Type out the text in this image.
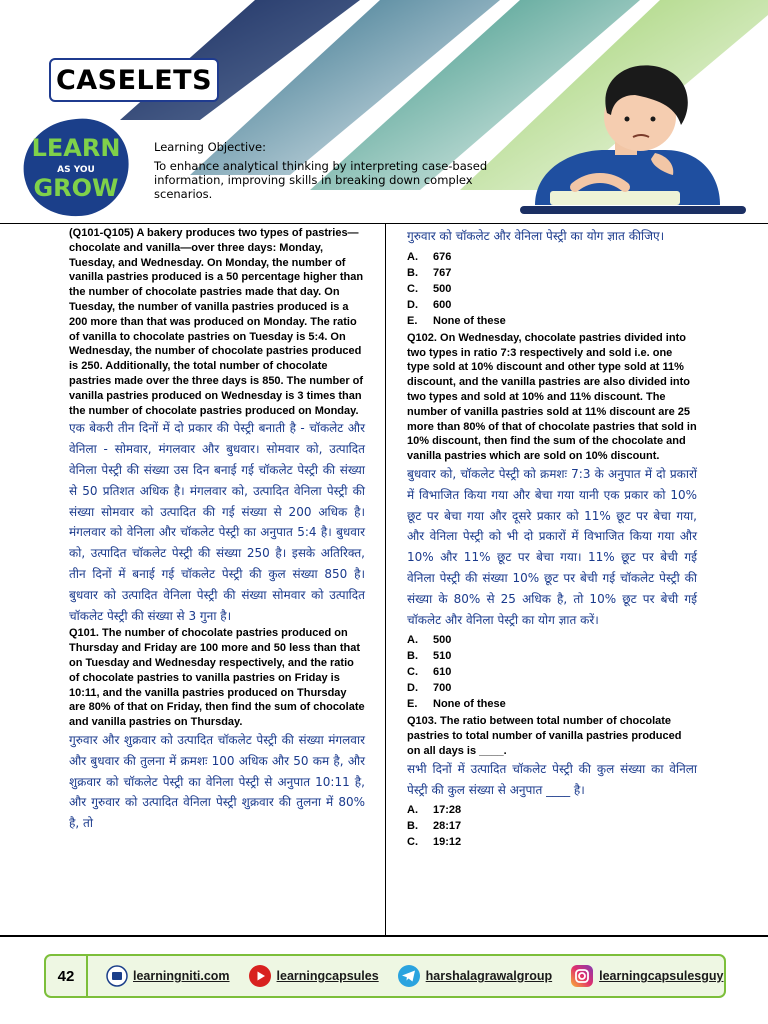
CASELETS
LEARN
AS YOU
GROW
Learning Objective:
To enhance analytical thinking by interpreting case-based information, improving skills in breaking down complex scenarios.

(Q101-Q105) A bakery produces two types of pastries—chocolate and vanilla—over three days: Monday, Tuesday, and Wednesday. On Monday, the number of vanilla pastries produced is a 50 percentage higher than the number of chocolate pastries made that day. On Tuesday, the number of vanilla pastries produced is a 200 more than that was produced on Monday. The ratio of vanilla to chocolate pastries on Tuesday is 5:4. On Wednesday, the number of chocolate pastries produced is 250. Additionally, the total number of chocolate pastries made over the three days is 850. The number of vanilla pastries produced on Wednesday is 3 times than the number of chocolate pastries produced on Monday.

एक बेकरी तीन दिनों में दो प्रकार की पेस्ट्री बनाती है - चॉकलेट और वेनिला - सोमवार, मंगलवार और बुधवार। सोमवार को, उत्पादित वेनिला पेस्ट्री की संख्या उस दिन बनाई गई चॉकलेट पेस्ट्री की संख्या से 50 प्रतिशत अधिक है। मंगलवार को, उत्पादित वेनिला पेस्ट्री की संख्या सोमवार को उत्पादित की गई संख्या से 200 अधिक है। मंगलवार को वेनिला और चॉकलेट पेस्ट्री का अनुपात 5:4 है। बुधवार को, उत्पादित चॉकलेट पेस्ट्री की संख्या 250 है। इसके अतिरिक्त, तीन दिनों में बनाई गई चॉकलेट पेस्ट्री की कुल संख्या 850 है। बुधवार को उत्पादित वेनिला पेस्ट्री की संख्या सोमवार को उत्पादित चॉकलेट पेस्ट्री की संख्या से 3 गुना है।

Q101. The number of chocolate pastries produced on Thursday and Friday are 100 more and 50 less than that on Tuesday and Wednesday respectively, and the ratio of chocolate pastries to vanilla pastries on Friday is 10:11, and the vanilla pastries produced on Thursday are 80% of that on Friday, then find the sum of chocolate and vanilla pastries on Thursday.

गुरुवार और शुक्रवार को उत्पादित चॉकलेट पेस्ट्री की संख्या मंगलवार और बुधवार की तुलना में क्रमशः 100 अधिक और 50 कम है, और शुक्रवार को चॉकलेट पेस्ट्री का वेनिला पेस्ट्री से अनुपात 10:11 है, और गुरुवार को उत्पादित वेनिला पेस्ट्री शुक्रवार की तुलना में 80% है, तो

गुरुवार को चॉकलेट और वेनिला पेस्ट्री का योग ज्ञात कीजिए।

A.	676
B.	767
C.	500
D.	600
E.	None of these

Q102. On Wednesday, chocolate pastries divided into two types in ratio 7:3 respectively and sold i.e. one type sold at 10% discount and other type sold at 11% discount, and the vanilla pastries are also divided into two types and sold at 10% and 11% discount. The number of vanilla pastries sold at 11% discount are 25 more than 80% of that of chocolate pastries that sold in 10% discount, then find the sum of the chocolate and vanilla pastries which are sold on 10% discount.

बुधवार को, चॉकलेट पेस्ट्री को क्रमशः 7:3 के अनुपात में दो प्रकारों में विभाजित किया गया और बेचा गया यानी एक प्रकार को 10% छूट पर बेचा गया और दूसरे प्रकार को 11% छूट पर बेचा गया, और वेनिला पेस्ट्री को भी दो प्रकारों में विभाजित किया गया और 10% और 11% छूट पर बेचा गया। 11% छूट पर बेची गई वेनिला पेस्ट्री की संख्या 10% छूट पर बेची गई चॉकलेट पेस्ट्री की संख्या के 80% से 25 अधिक है, तो 10% छूट पर बेची गई चॉकलेट और वेनिला पेस्ट्री का योग ज्ञात करें।

A.	500
B.	510
C.	610
D.	700
E.	None of these

Q103. The ratio between total number of chocolate pastries to total number of vanilla pastries produced on all days is ____.

सभी दिनों में उत्पादित चॉकलेट पेस्ट्री की कुल संख्या का वेनिला पेस्ट्री की कुल संख्या से अनुपात ____ है।

A.	17:28
B.	28:17
C.	19:12
42	learningniti.com	learningcapsules	harshalagrawalgroup	learningcapsulesguy
